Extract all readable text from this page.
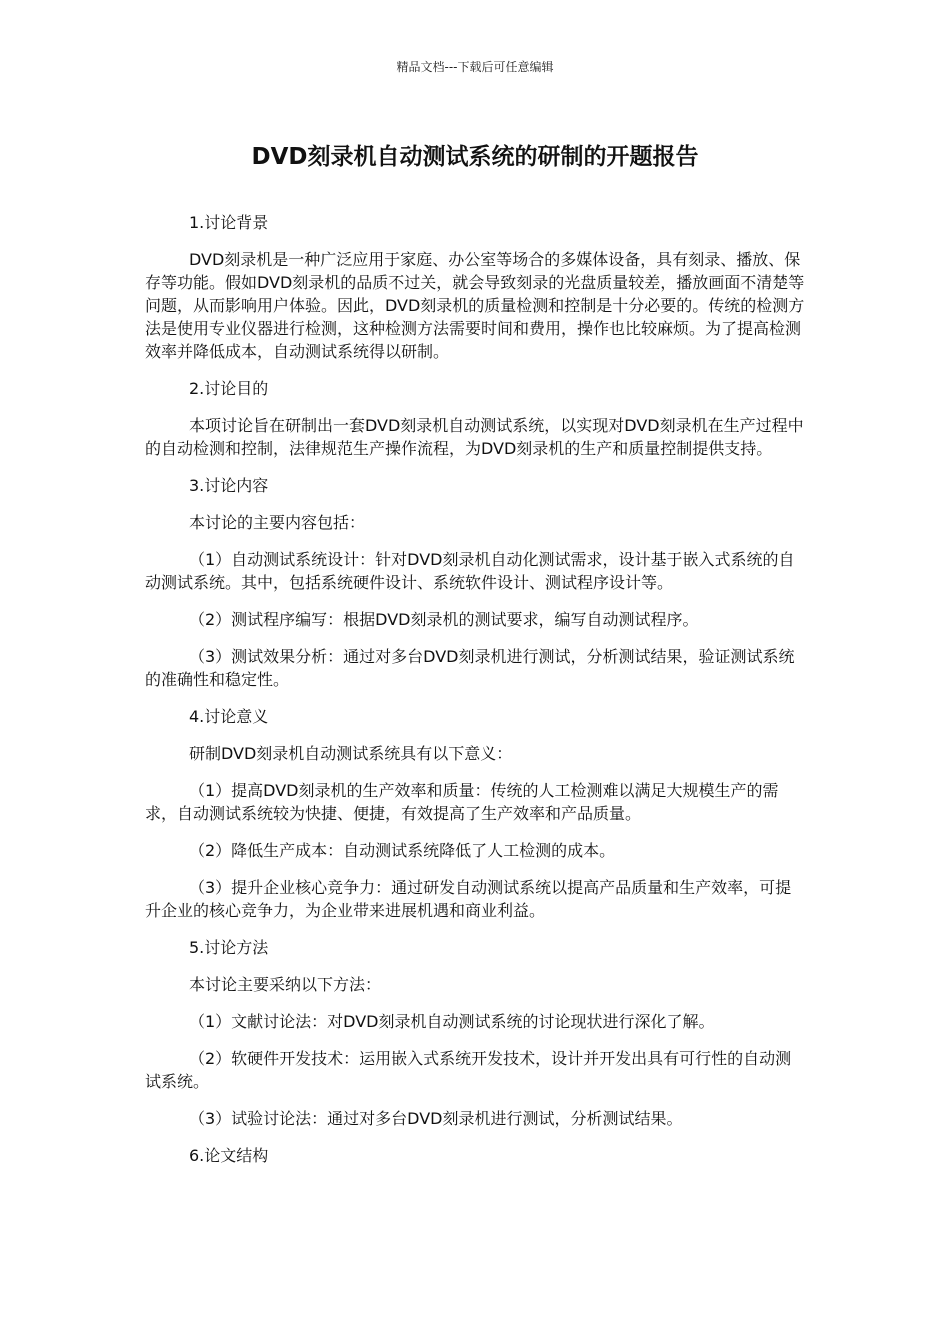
精品文档---下载后可任意编辑
DVD刻录机自动测试系统的研制的开题报告

1.讨论背景

DVD刻录机是一种广泛应用于家庭、办公室等场合的多媒体设备，具有刻录、播放、保存等功能。假如DVD刻录机的品质不过关，就会导致刻录的光盘质量较差，播放画面不清楚等问题，从而影响用户体验。因此，DVD刻录机的质量检测和控制是十分必要的。传统的检测方法是使用专业仪器进行检测，这种检测方法需要时间和费用，操作也比较麻烦。为了提高检测效率并降低成本，自动测试系统得以研制。

2.讨论目的

本项讨论旨在研制出一套DVD刻录机自动测试系统，以实现对DVD刻录机在生产过程中的自动检测和控制，法律规范生产操作流程，为DVD刻录机的生产和质量控制提供支持。

3.讨论内容

本讨论的主要内容包括：

（1）自动测试系统设计：针对DVD刻录机自动化测试需求，设计基于嵌入式系统的自动测试系统。其中，包括系统硬件设计、系统软件设计、测试程序设计等。

（2）测试程序编写：根据DVD刻录机的测试要求，编写自动测试程序。

（3）测试效果分析：通过对多台DVD刻录机进行测试，分析测试结果，验证测试系统的准确性和稳定性。

4.讨论意义

研制DVD刻录机自动测试系统具有以下意义：

（1）提高DVD刻录机的生产效率和质量：传统的人工检测难以满足大规模生产的需求，自动测试系统较为快捷、便捷，有效提高了生产效率和产品质量。

（2）降低生产成本：自动测试系统降低了人工检测的成本。

（3）提升企业核心竞争力：通过研发自动测试系统以提高产品质量和生产效率，可提升企业的核心竞争力，为企业带来进展机遇和商业利益。

5.讨论方法

本讨论主要采纳以下方法：

（1）文献讨论法：对DVD刻录机自动测试系统的讨论现状进行深化了解。

（2）软硬件开发技术：运用嵌入式系统开发技术，设计并开发出具有可行性的自动测试系统。

（3）试验讨论法：通过对多台DVD刻录机进行测试，分析测试结果。

6.论文结构
